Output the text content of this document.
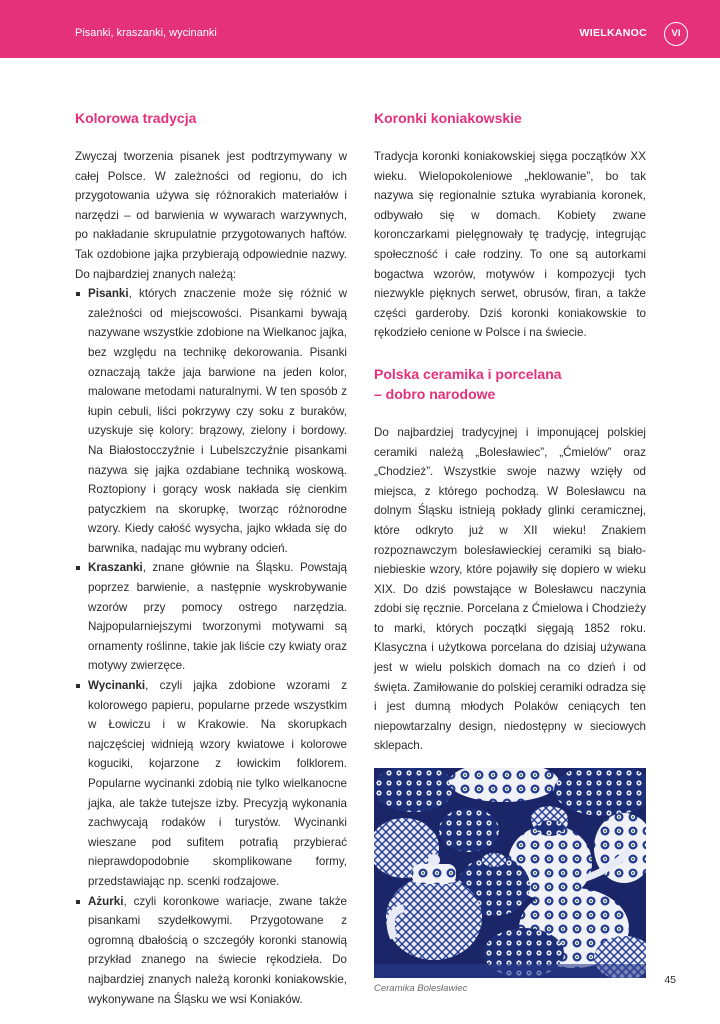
Pisanki, kraszanki, wycinanki	WIELKANOC	VI
Kolorowa tradycja

Zwyczaj tworzenia pisanek jest podtrzymywany w całej Polsce. W zależności od regionu, do ich przygotowania używa się różnorakich materiałów i narzędzi – od barwienia w wywarach warzywnych, po nakładanie skrupulatnie przygotowanych haftów. Tak ozdobione jajka przybierają odpowiednie nazwy. Do najbardziej znanych należą:

Pisanki, których znaczenie może się różnić w zależności od miejscowości. Pisankami bywają nazywane wszystkie zdobione na Wielkanoc jajka, bez względu na technikę dekorowania. Pisanki oznaczają także jaja barwione na jeden kolor, malowane metodami naturalnymi. W ten sposób z łupin cebuli, liści pokrzywy czy soku z buraków, uzyskuje się kolory: brązowy, zielony i bordowy. Na Białostocczyźnie i Lubelszczyźnie pisankami nazywa się jajka ozdabiane techniką woskową. Roztopiony i gorący wosk nakłada się cienkim patyczkiem na skorupkę, tworząc różnorodne wzory. Kiedy całość wysycha, jajko wkłada się do barwnika, nadając mu wybrany odcień.
Kraszanki, znane głównie na Śląsku. Powstają poprzez barwienie, a następnie wyskrobywanie wzorów przy pomocy ostrego narzędzia. Najpopularniejszymi tworzonymi motywami są ornamenty roślinne, takie jak liście czy kwiaty oraz motywy zwierzęce.
Wycinanki, czyli jajka zdobione wzorami z kolorowego papieru, popularne przede wszystkim w Łowiczu i w Krakowie. Na skorupkach najczęściej widnieją wzory kwiatowe i kolorowe koguciki, kojarzone z łowickim folklorem. Popularne wycinanki zdobią nie tylko wielkanocne jajka, ale także tutejsze izby. Precyzją wykonania zachwycają rodaków i turystów. Wycinanki wieszane pod sufitem potrafią przybierać nieprawdopodobnie skomplikowane formy, przedstawiając np. scenki rodzajowe.
Ażurki, czyli koronkowe wariacje, zwane także pisankami szydełkowymi. Przygotowane z ogromną dbałością o szczegóły koronki stanowią przykład znanego na świecie rękodzieła. Do najbardziej znanych należą koronki koniakowskie, wykonywane na Śląsku we wsi Koniaków.
Koronki koniakowskie

Tradycja koronki koniakowskiej sięga początków XX wieku. Wielopokoleniowe „heklowanie”, bo tak nazywa się regionalnie sztuka wyrabiania koronek, odbywało się w domach. Kobiety zwane koronczarkami pielęgnowały tę tradycję, integrując społeczność i całe rodziny. To one są autorkami bogactwa wzorów, motywów i kompozycji tych niezwykle pięknych serwet, obrusów, firan, a także części garderoby. Dziś koronki koniakowskie to rękodzieło cenione w Polsce i na świecie.

Polska ceramika i porcelana
– dobro narodowe

Do najbardziej tradycyjnej i imponującej polskiej ceramiki należą „Bolesławiec”, „Ćmielów” oraz „Chodzież”. Wszystkie swoje nazwy wzięły od miejsca, z którego pochodzą. W Bolesławcu na dolnym Śląsku istnieją pokłady glinki ceramicznej, które odkryto już w XII wieku! Znakiem rozpoznawczym bolesławieckiej ceramiki są biało-niebieskie wzory, które pojawiły się dopiero w wieku XIX. Do dziś powstające w Bolesławcu naczynia zdobi się ręcznie. Porcelana z Ćmielowa i Chodzieży to marki, których początki sięgają 1852 roku. Klasyczna i użytkowa porcelana do dzisiaj używana jest w wielu polskich domach na co dzień i od święta. Zamiłowanie do polskiej ceramiki odradza się i jest dumną młodych Polaków ceniących ten niepowtarzalny design, niedostępny w sieciowych sklepach.

Ceramika Bolesławiec
45
